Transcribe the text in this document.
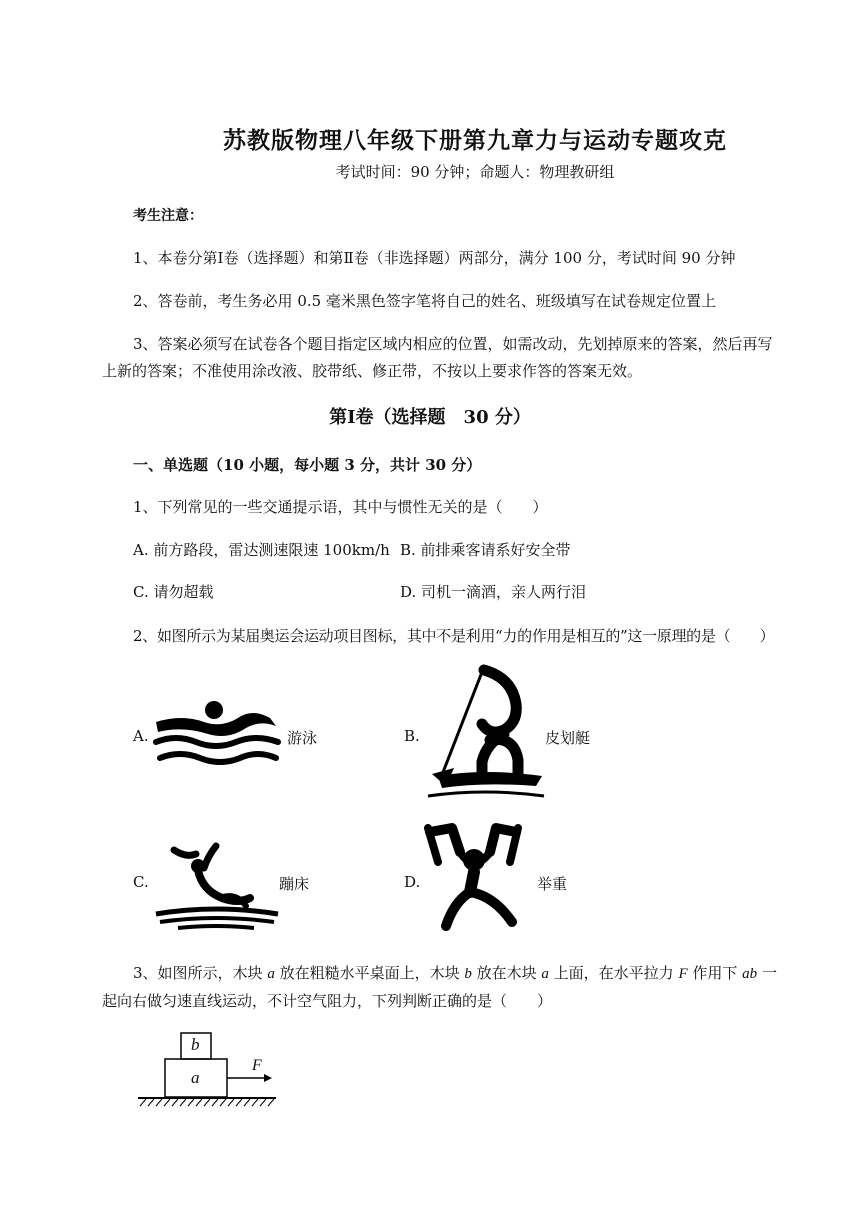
苏教版物理八年级下册第九章力与运动专题攻克
考试时间：90 分钟；命题人：物理教研组
考生注意：
1、本卷分第Ⅰ卷（选择题）和第Ⅱ卷（非选择题）两部分，满分 100 分，考试时间 90 分钟
2、答卷前，考生务必用 0.5 毫米黑色签字笔将自己的姓名、班级填写在试卷规定位置上
3、答案必须写在试卷各个题目指定区域内相应的位置，如需改动，先划掉原来的答案，然后再写
上新的答案；不准使用涂改液、胶带纸、修正带，不按以上要求作答的答案无效。
第Ⅰ卷（选择题　30 分）
一、单选题（10 小题，每小题 3 分，共计 30 分）
1、下列常见的一些交通提示语，其中与惯性无关的是（　　）
A. 前方路段，雷达测速限速 100km/h B. 前排乘客请系好安全带
C. 请勿超载	D. 司机一滴酒，亲人两行泪
2、如图所示为某届奥运会运动项目图标，其中不是利用“力的作用是相互的”这一原理的是（　　）
A.	游泳	B.	皮划艇
C.	蹦床	D.	举重
3、如图所示，木块 a 放在粗糙水平桌面上，木块 b 放在木块 a 上面，在水平拉力 F 作用下 ab 一
起向右做匀速直线运动，不计空气阻力，下列判断正确的是（　　）
b
a
F
